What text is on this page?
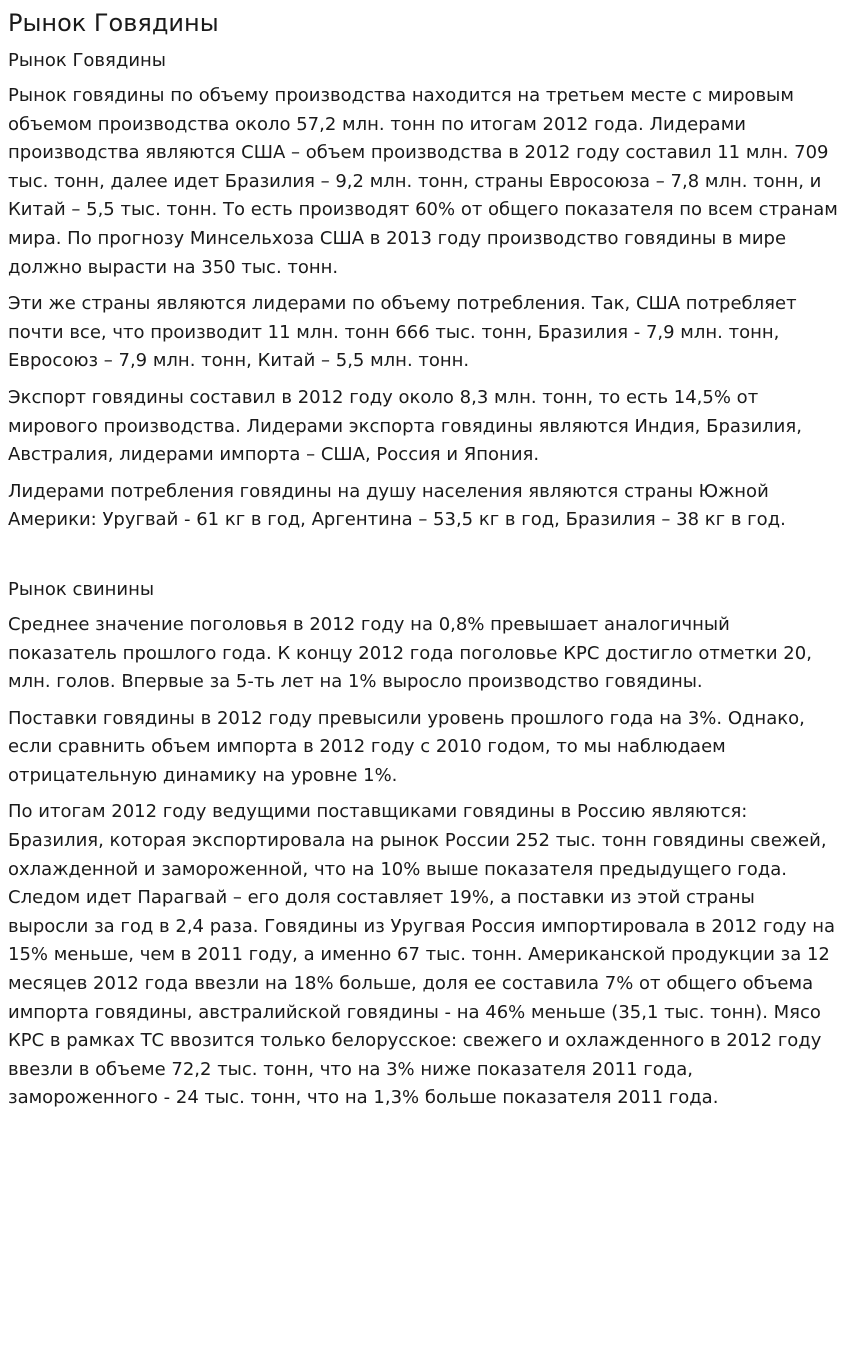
Рынок Говядины
Рынок Говядины

Рынок говядины по объему производства находится на третьем месте с мировым объемом производства около 57,2 млн. тонн по итогам 2012 года. Лидерами производства являются США – объем производства в 2012 году составил 11 млн. 709 тыс. тонн, далее идет Бразилия – 9,2 млн. тонн, страны Евросоюза – 7,8 млн. тонн, и Китай – 5,5 тыс. тонн. То есть производят 60% от общего показателя по всем странам мира. По прогнозу Минсельхоза США в 2013 году производство говядины в мире должно вырасти на 350 тыс. тонн.

Эти же страны являются лидерами по объему потребления. Так, США потребляет почти все, что производит 11 млн. тонн 666 тыс. тонн, Бразилия - 7,9 млн. тонн, Евросоюз – 7,9 млн. тонн, Китай – 5,5 млн. тонн.

Экспорт говядины составил в 2012 году около 8,3 млн. тонн, то есть 14,5% от мирового производства. Лидерами экспорта говядины являются Индия, Бразилия, Австралия, лидерами импорта – США, Россия и Япония.

Лидерами потребления говядины на душу населения являются страны Южной Америки: Уругвай - 61 кг в год, Аргентина – 53,5 кг в год, Бразилия – 38 кг в год.

Рынок свинины

Среднее значение поголовья в 2012 году на 0,8% превышает аналогичный показатель прошлого года. К концу 2012 года поголовье КРС достигло отметки 20, млн. голов. Впервые за 5-ть лет на 1% выросло производство говядины.

Поставки говядины в 2012 году превысили уровень прошлого года на 3%. Однако, если сравнить объем импорта в 2012 году с 2010 годом, то мы наблюдаем отрицательную динамику на уровне 1%.

По итогам 2012 году ведущими поставщиками говядины в Россию являются: Бразилия, которая экспортировала на рынок России 252 тыс. тонн говядины свежей, охлажденной и замороженной, что на 10% выше показателя предыдущего года. Следом идет Парагвай – его доля составляет 19%, а поставки из этой страны выросли за год в 2,4 раза. Говядины из Уругвая Россия импортировала в 2012 году на 15% меньше, чем в 2011 году, а именно 67 тыс. тонн. Американской продукции за 12 месяцев 2012 года ввезли на 18% больше, доля ее составила 7% от общего объема импорта говядины, австралийской говядины - на 46% меньше (35,1 тыс. тонн). Мясо КРС в рамках ТС ввозится только белорусское: свежего и охлажденного в 2012 году ввезли в объеме 72,2 тыс. тонн, что на 3% ниже показателя 2011 года, замороженного - 24 тыс. тонн, что на 1,3% больше показателя 2011 года.
